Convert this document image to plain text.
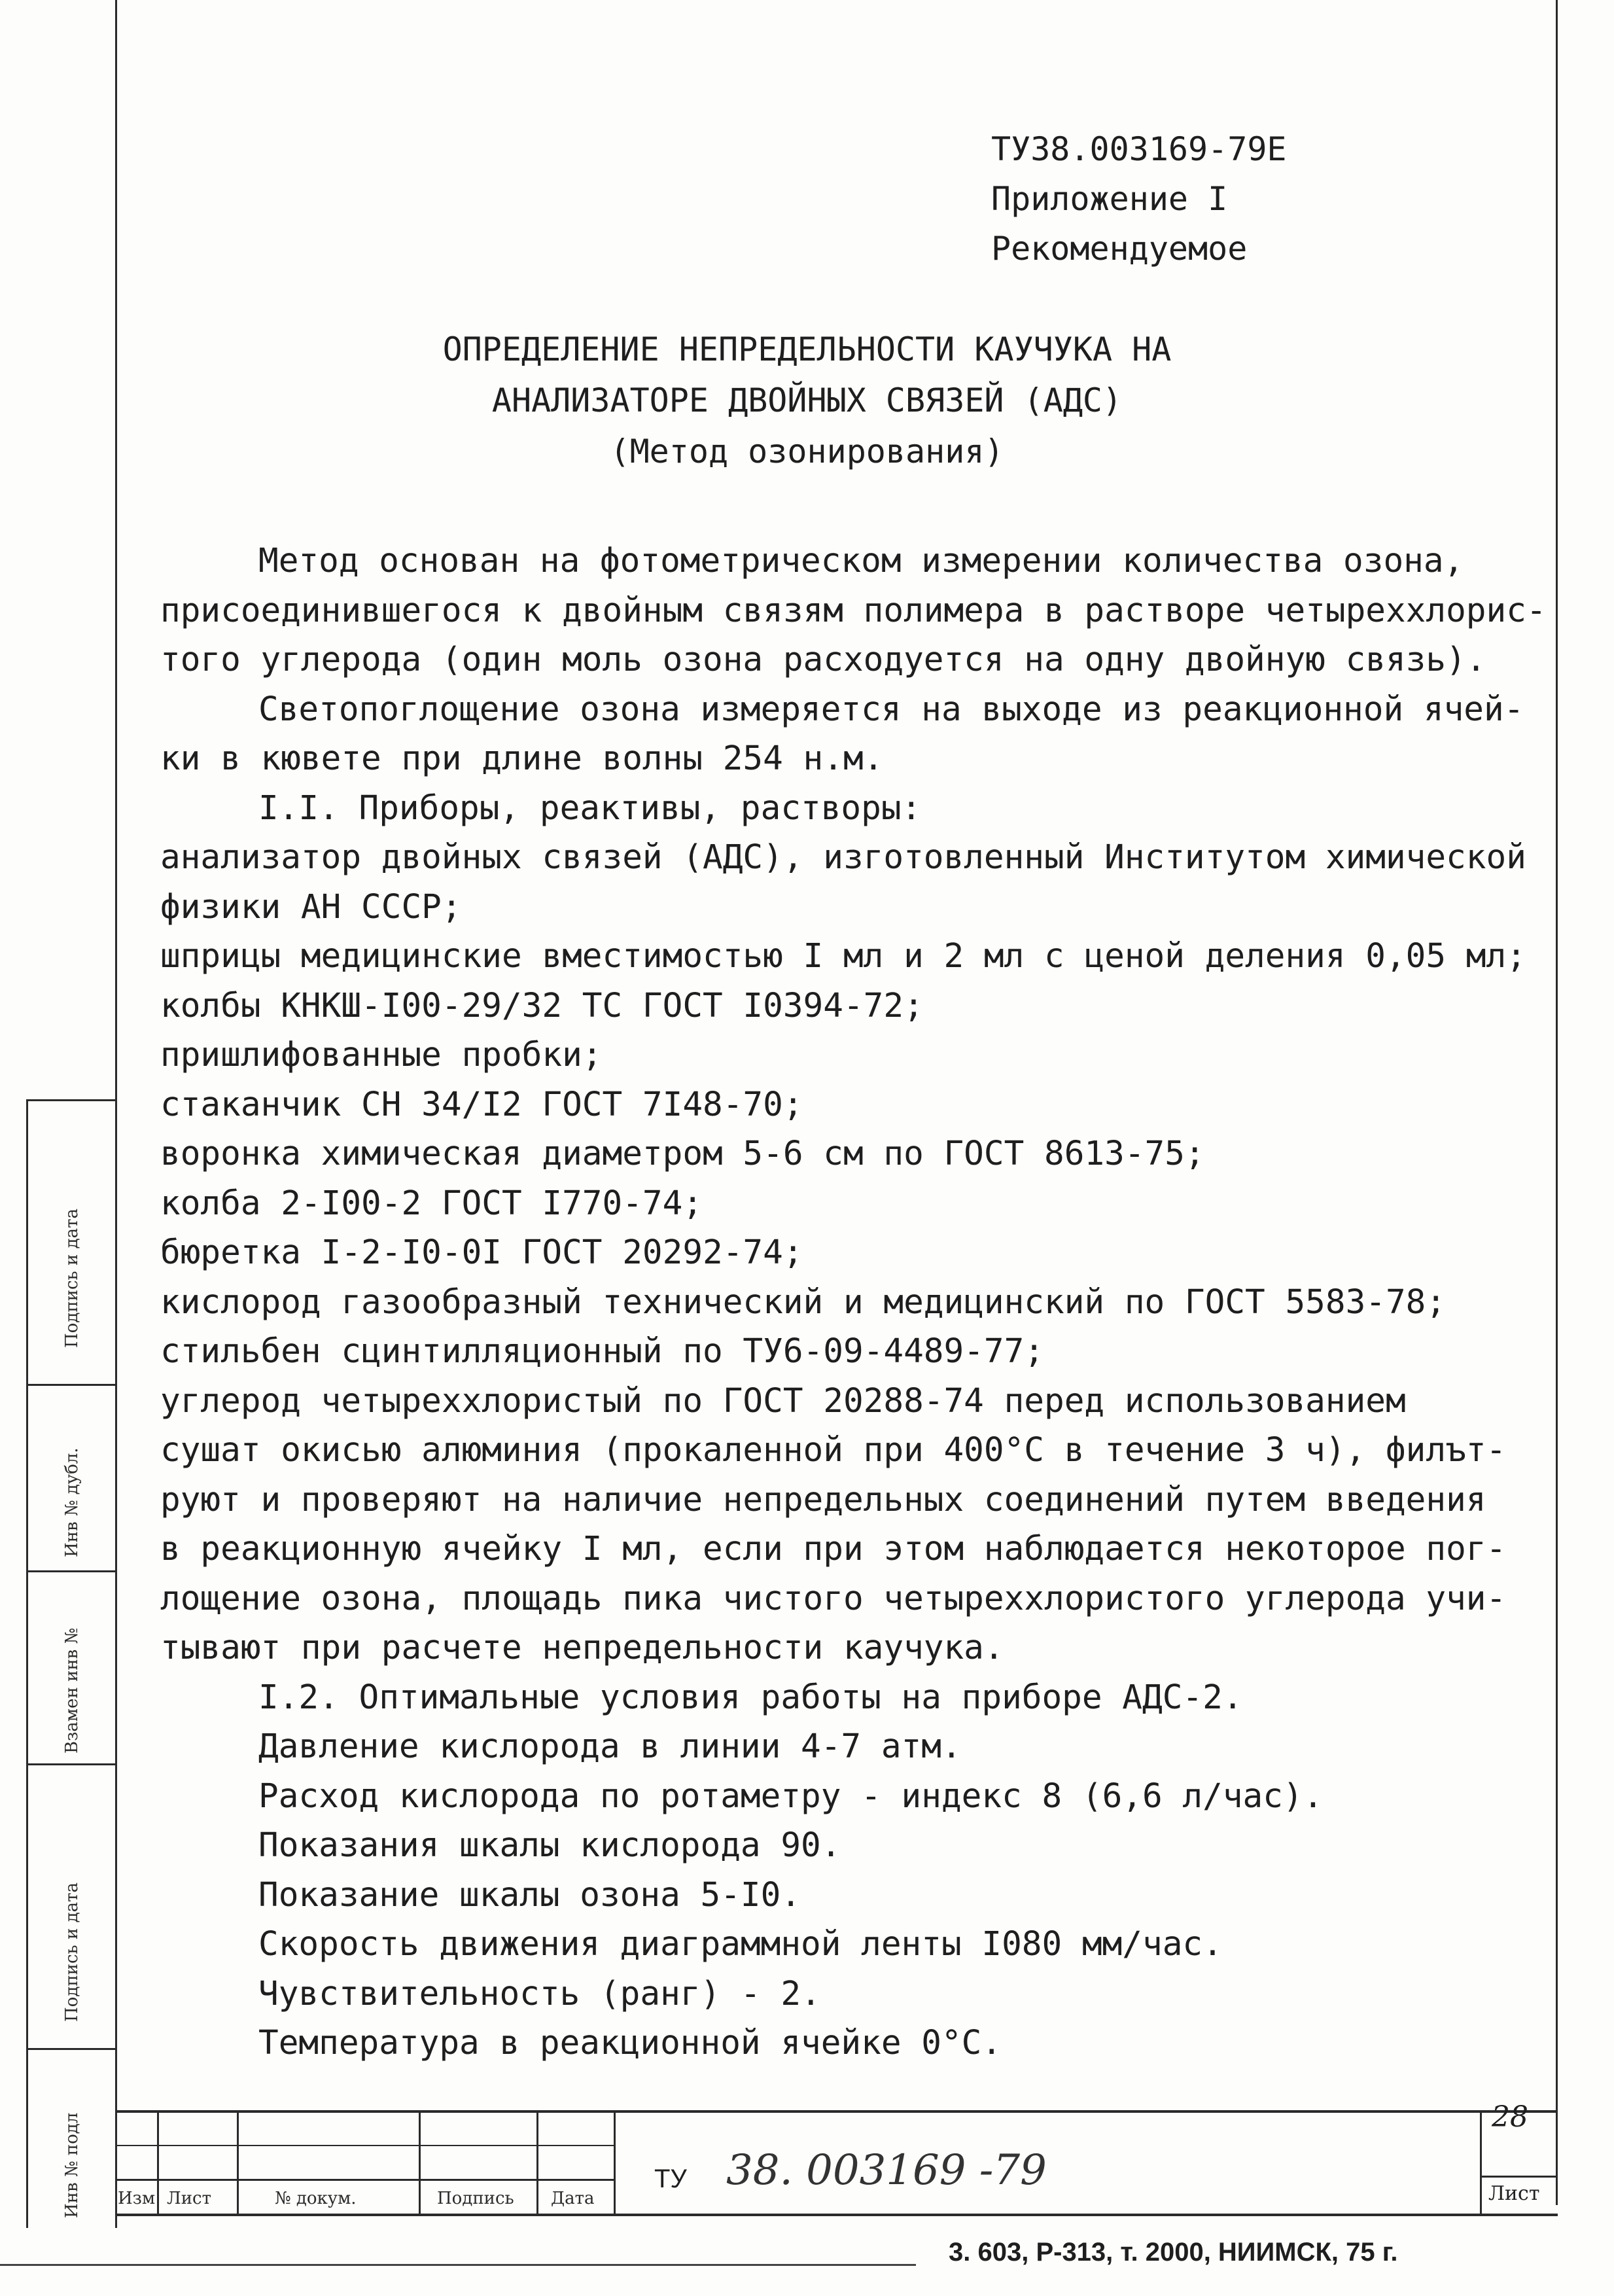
ТУ38.003169-79Е
Приложение I
Рекомендуемое
ОПРЕДЕЛЕНИЕ НЕПРЕДЕЛЬНОСТИ КАУЧУКА НА
АНАЛИЗАТОРЕ ДВОЙНЫХ СВЯЗЕЙ (АДС)
(Метод озонирования)
Метод основан на фотометрическом измерении количества озона,
присоединившегося к двойным связям полимера в растворе четыреххлорис-
того углерода (один моль озона расходуется на одну двойную связь).
Светопоглощение озона измеряется на выходе из реакционной ячей-
ки в кювете при длине волны 254 н.м.
I.I. Приборы, реактивы, растворы:
анализатор двойных связей (АДС), изготовленный Институтом химической
физики АН СССР;
шприцы медицинские вместимостью I мл и 2 мл с ценой деления 0,05 мл;
колбы КНКШ-I00-29/32 ТС ГОСТ I0394-72;
пришлифованные пробки;
стаканчик СН 34/I2 ГОСТ 7I48-70;
воронка химическая диаметром 5-6 см по ГОСТ 8613-75;
колба 2-I00-2 ГОСТ I770-74;
бюретка I-2-I0-0I ГОСТ 20292-74;
кислород газообразный технический и медицинский по ГОСТ 5583-78;
стильбен сцинтилляционный по ТУ6-09-4489-77;
углерод четыреххлористый по ГОСТ 20288-74 перед использованием
сушат окисью алюминия (прокаленной при 400°С в течение 3 ч), филът-
руют и проверяют на наличие непредельных соединений путем введения
в реакционную ячейку I мл, если при этом наблюдается некоторое пог-
лощение озона, площадь пика чистого четыреххлористого углерода учи-
тывают при расчете непредельности каучука.
I.2. Оптимальные условия работы на приборе АДС-2.
Давление кислорода в линии 4-7 атм.
Расход кислорода по ротаметру - индекс 8 (6,6 л/час).
Показания шкалы кислорода 90.
Показание шкалы озона 5-I0.
Скорость движения диаграммной ленты I080 мм/час.
Чувствительность (ранг) - 2.
Температура в реакционной ячейке 0°С.
Подпись и дата
Инв № дубл.
Взамен инв №
Подпись и дата
Инв № подл Изм Лист	№ докум.	Подпись Дата
ТУ 38. 003169 -79
28
Лист
3. 603, Р-313, т. 2000, НИИМСК, 75 г.
